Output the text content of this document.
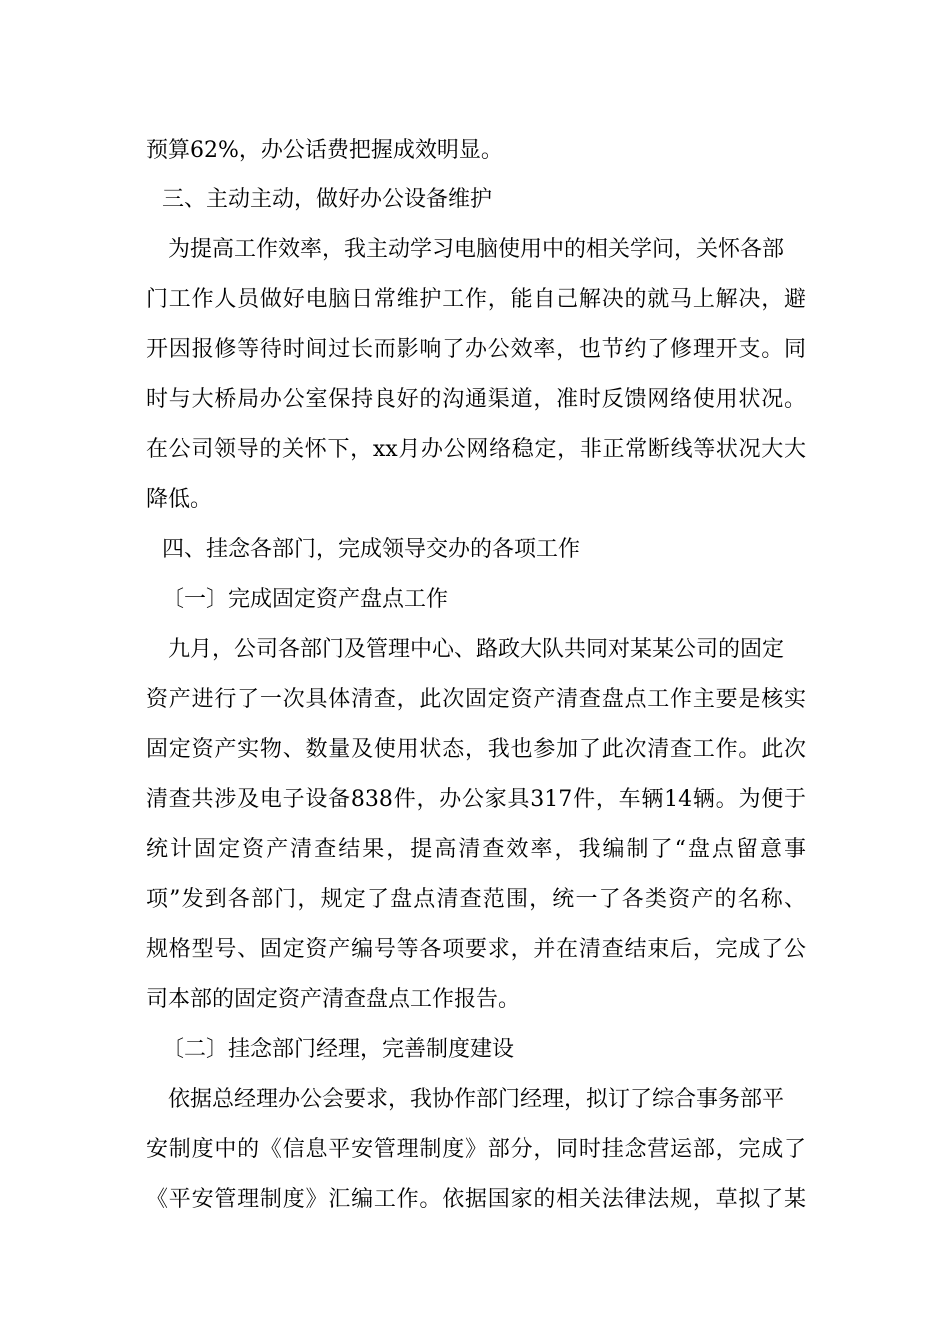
预算62%，办公话费把握成效明显。
三、主动主动，做好办公设备维护
为提高工作效率，我主动学习电脑使用中的相关学问，关怀各部
门工作人员做好电脑日常维护工作，能自己解决的就马上解决，避
开因报修等待时间过长而影响了办公效率，也节约了修理开支。同
时与大桥局办公室保持良好的沟通渠道，准时反馈网络使用状况。
在公司领导的关怀下，xx月办公网络稳定，非正常断线等状况大大
降低。
四、挂念各部门，完成领导交办的各项工作
〔一〕完成固定资产盘点工作
九月，公司各部门及管理中心、路政大队共同对某某公司的固定
资产进行了一次具体清查，此次固定资产清查盘点工作主要是核实
固定资产实物、数量及使用状态，我也参加了此次清查工作。此次
清查共涉及电子设备838件，办公家具317件，车辆14辆。为便于
统计固定资产清查结果，提高清查效率，我编制了“盘点留意事
项”发到各部门，规定了盘点清查范围，统一了各类资产的名称、
规格型号、固定资产编号等各项要求，并在清查结束后，完成了公
司本部的固定资产清查盘点工作报告。
〔二〕挂念部门经理，完善制度建设
依据总经理办公会要求，我协作部门经理，拟订了综合事务部平
安制度中的《信息平安管理制度》部分，同时挂念营运部，完成了
《平安管理制度》汇编工作。依据国家的相关法律法规，草拟了某
